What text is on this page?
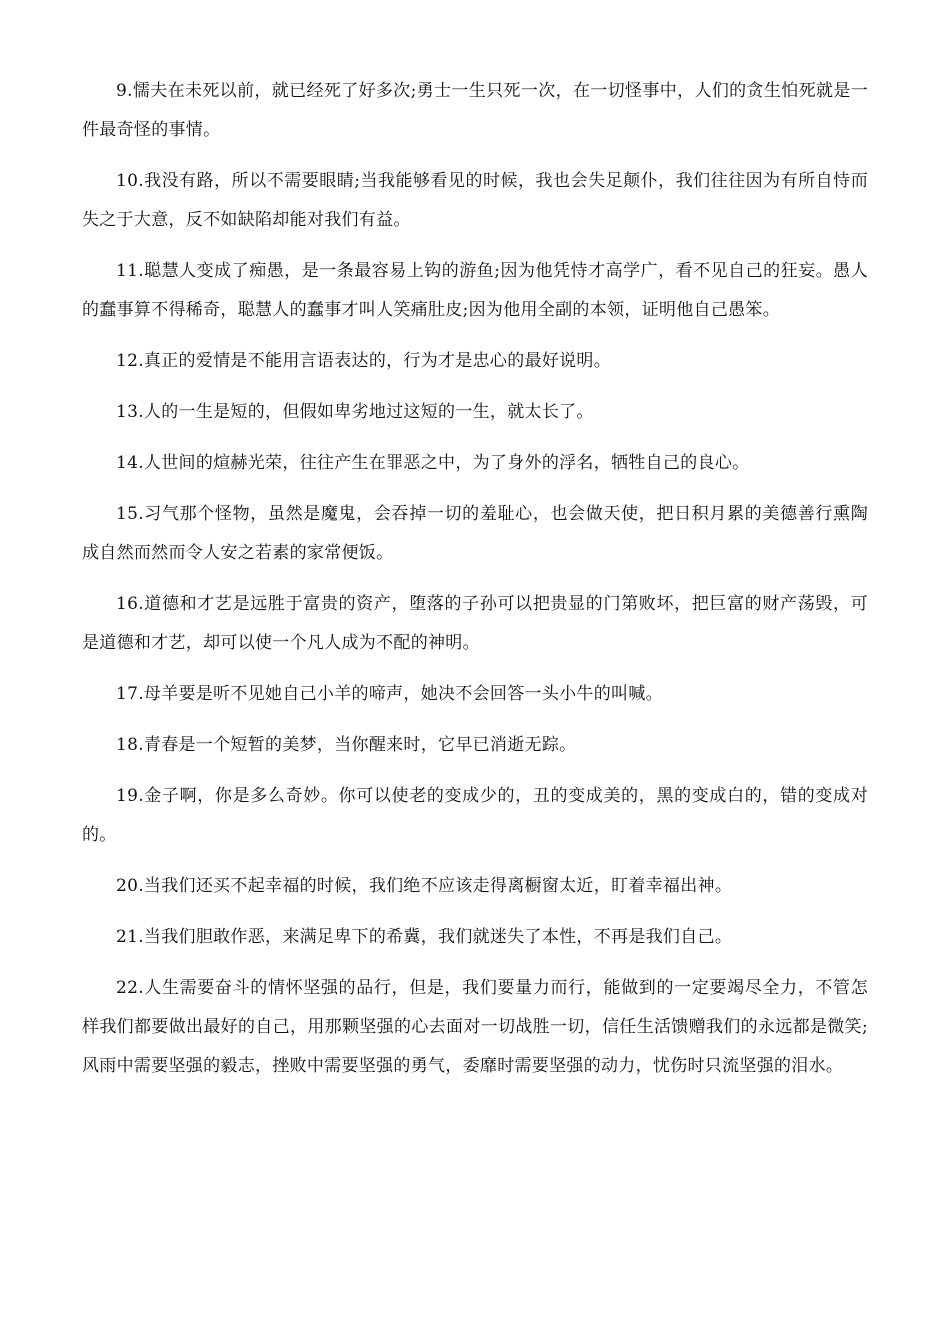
9.懦夫在未死以前，就已经死了好多次;勇士一生只死一次，在一切怪事中，人们的贪生怕死就是一件最奇怪的事情。

10.我没有路，所以不需要眼睛;当我能够看见的时候，我也会失足颠仆，我们往往因为有所自恃而失之于大意，反不如缺陷却能对我们有益。

11.聪慧人变成了痴愚，是一条最容易上钩的游鱼;因为他凭恃才高学广，看不见自己的狂妄。愚人的蠢事算不得稀奇，聪慧人的蠢事才叫人笑痛肚皮;因为他用全副的本领，证明他自己愚笨。

12.真正的爱情是不能用言语表达的，行为才是忠心的最好说明。

13.人的一生是短的，但假如卑劣地过这短的一生，就太长了。

14.人世间的煊赫光荣，往往产生在罪恶之中，为了身外的浮名，牺牲自己的良心。

15.习气那个怪物，虽然是魔鬼，会吞掉一切的羞耻心，也会做天使，把日积月累的美德善行熏陶成自然而然而令人安之若素的家常便饭。

16.道德和才艺是远胜于富贵的资产，堕落的子孙可以把贵显的门第败坏，把巨富的财产荡毁，可是道德和才艺，却可以使一个凡人成为不配的神明。

17.母羊要是听不见她自己小羊的啼声，她决不会回答一头小牛的叫喊。

18.青春是一个短暂的美梦，当你醒来时，它早已消逝无踪。

19.金子啊，你是多么奇妙。你可以使老的变成少的，丑的变成美的，黑的变成白的，错的变成对的。

20.当我们还买不起幸福的时候，我们绝不应该走得离橱窗太近，盯着幸福出神。

21.当我们胆敢作恶，来满足卑下的希冀，我们就迷失了本性，不再是我们自己。

22.人生需要奋斗的情怀坚强的品行，但是，我们要量力而行，能做到的一定要竭尽全力，不管怎样我们都要做出最好的自己，用那颗坚强的心去面对一切战胜一切，信任生活馈赠我们的永远都是微笑;风雨中需要坚强的毅志，挫败中需要坚强的勇气，委靡时需要坚强的动力，忧伤时只流坚强的泪水。
